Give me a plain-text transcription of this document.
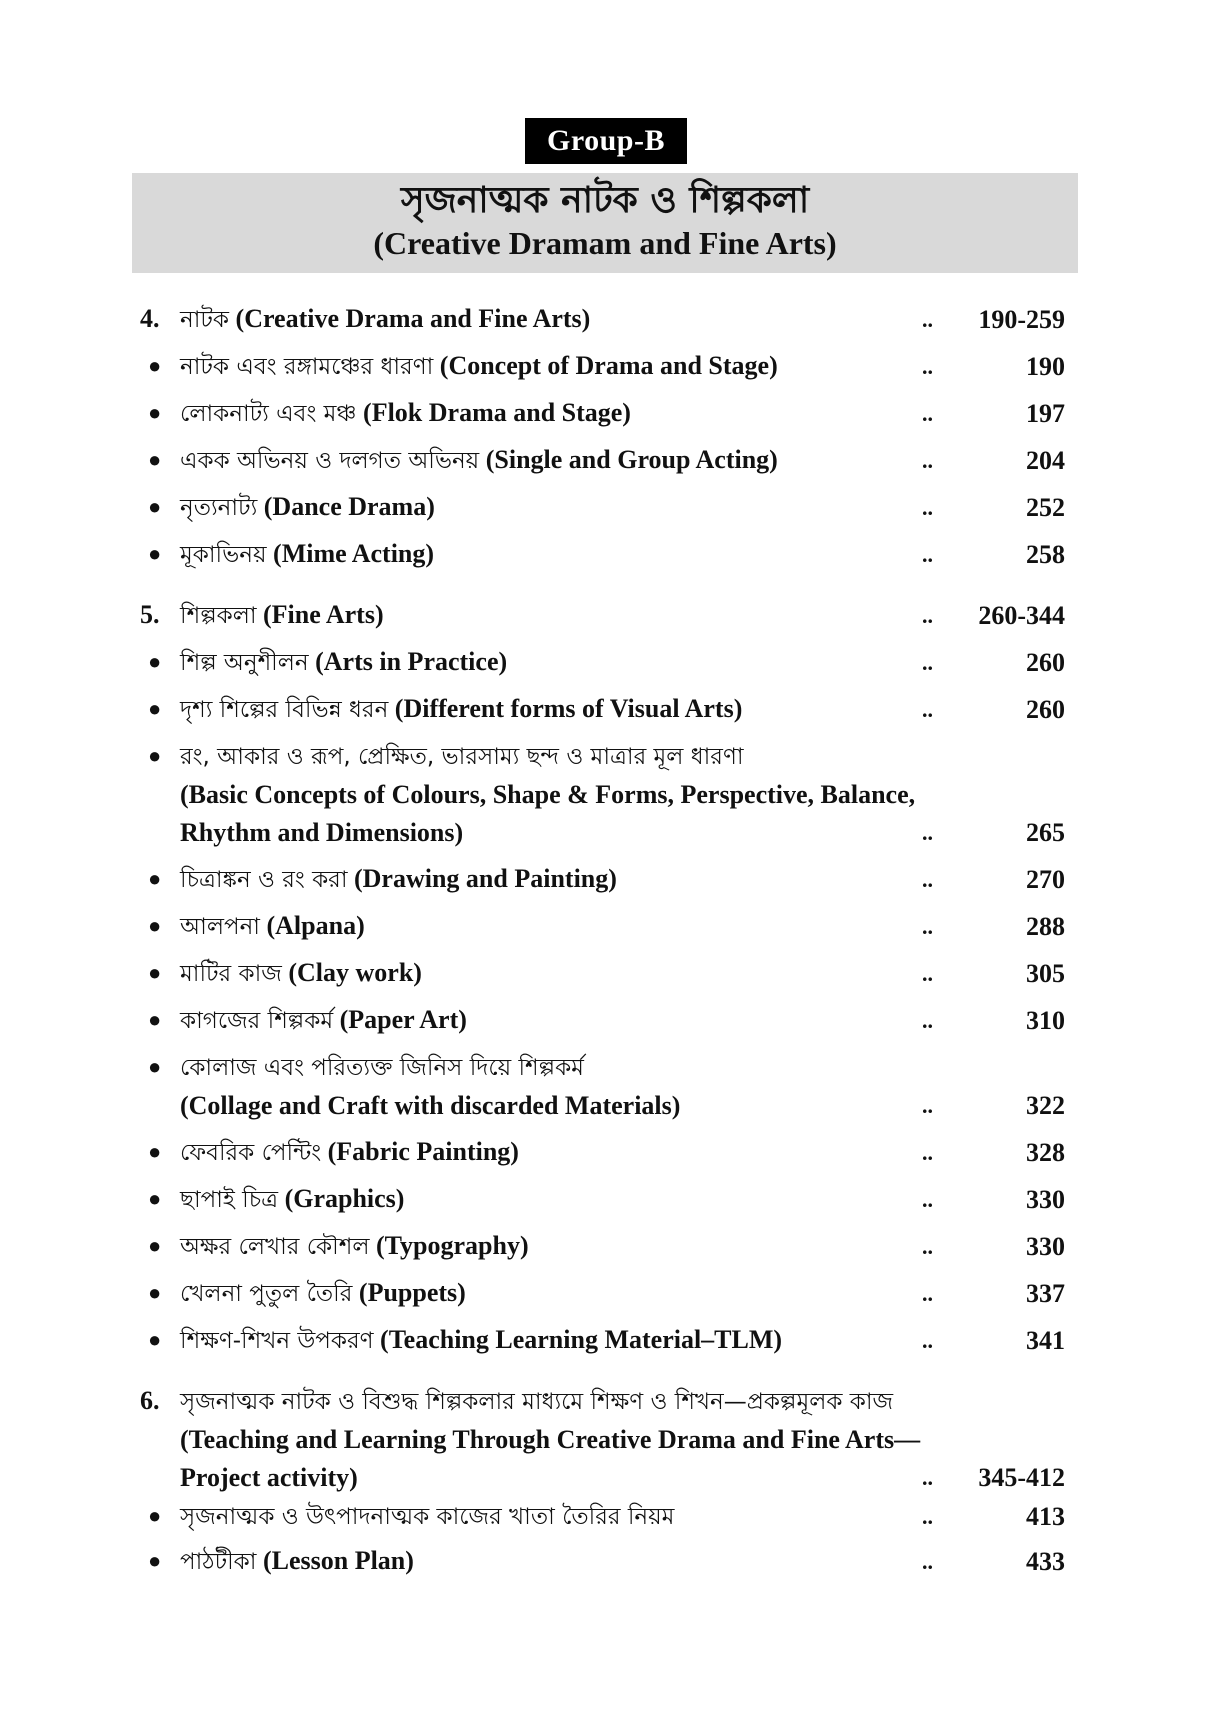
Group-B
সৃজনাত্মক নাটক ও শিল্পকলা
(Creative Dramam and Fine Arts)
4. নাটক (Creative Drama and Fine Arts)	.. 190-259
● নাটক এবং রঙ্গামঞ্চের ধারণা (Concept of Drama and Stage)	..	190
● লোকনাট্য এবং মঞ্চ (Flok Drama and Stage)	..	197
● একক অভিনয় ও দলগত অভিনয় (Single and Group Acting)	..	204
● নৃত্যনাট্য (Dance Drama)	..	252
● মূকাভিনয় (Mime Acting)	..	258
5. শিল্পকলা (Fine Arts)	.. 260-344
● শিল্প অনুশীলন (Arts in Practice)	..	260
● দৃশ্য শিল্পের বিভিন্ন ধরন (Different forms of Visual Arts)	..	260
● রং, আকার ও রূপ, প্রেক্ষিত, ভারসাম্য ছন্দ ও মাত্রার মূল ধারণা
(Basic Concepts of Colours, Shape & Forms, Perspective, Balance, Rhythm and Dimensions)	..	265
● চিত্রাঙ্কন ও রং করা (Drawing and Painting)	..	270
● আলপনা (Alpana)	..	288
● মাটির কাজ (Clay work)	..	305
● কাগজের শিল্পকর্ম (Paper Art)	..	310
● কোলাজ এবং পরিত্যক্ত জিনিস দিয়ে শিল্পকর্ম
(Collage and Craft with discarded Materials)	..	322
● ফেবরিক পেন্টিং (Fabric Painting)	..	328
● ছাপাই চিত্র (Graphics)	..	330
● অক্ষর লেখার কৌশল (Typography)	..	330
● খেলনা পুতুল তৈরি (Puppets)	..	337
● শিক্ষণ-শিখন উপকরণ (Teaching Learning Material–TLM)	..	341
6. সৃজনাত্মক নাটক ও বিশুদ্ধ শিল্পকলার মাধ্যমে শিক্ষণ ও শিখন—প্রকল্পমূলক কাজ (Teaching and Learning Through Creative Drama and Fine Arts—Project activity)	.. 345-412
● সৃজনাত্মক ও উৎপাদনাত্মক কাজের খাতা তৈরির নিয়ম	..	413
● পাঠটীকা (Lesson Plan)	..	433
